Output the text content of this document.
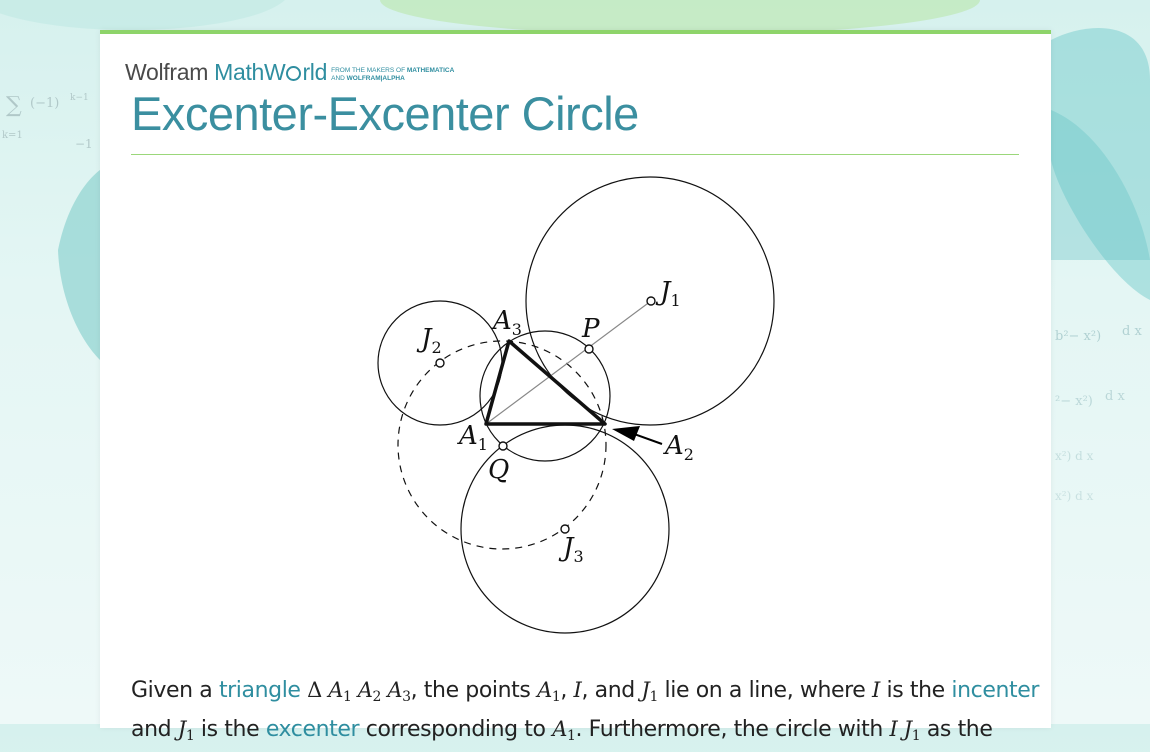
∑ (−1) k−1
k=1
−1
b²− x²) d x
²− x²) d x
x²) d x
x²) d x
Wolfram MathW rld FROM THE MAKERS OF MATHEMATICA
AND WOLFRAM|ALPHA
Excenter-Excenter Circle
$J_1$
$J_2$
$J_3$
$A_1$	$A_2$
$A_3$ P
Q
Given a triangle Δ $A_1$ $A_2$ $A_3$, the points $A_1$, I, and $J_1$ lie on a line, where I is the incenter
and $J_1$ is the excenter corresponding to $A_1$. Furthermore, the circle with I $J_1$ as the
